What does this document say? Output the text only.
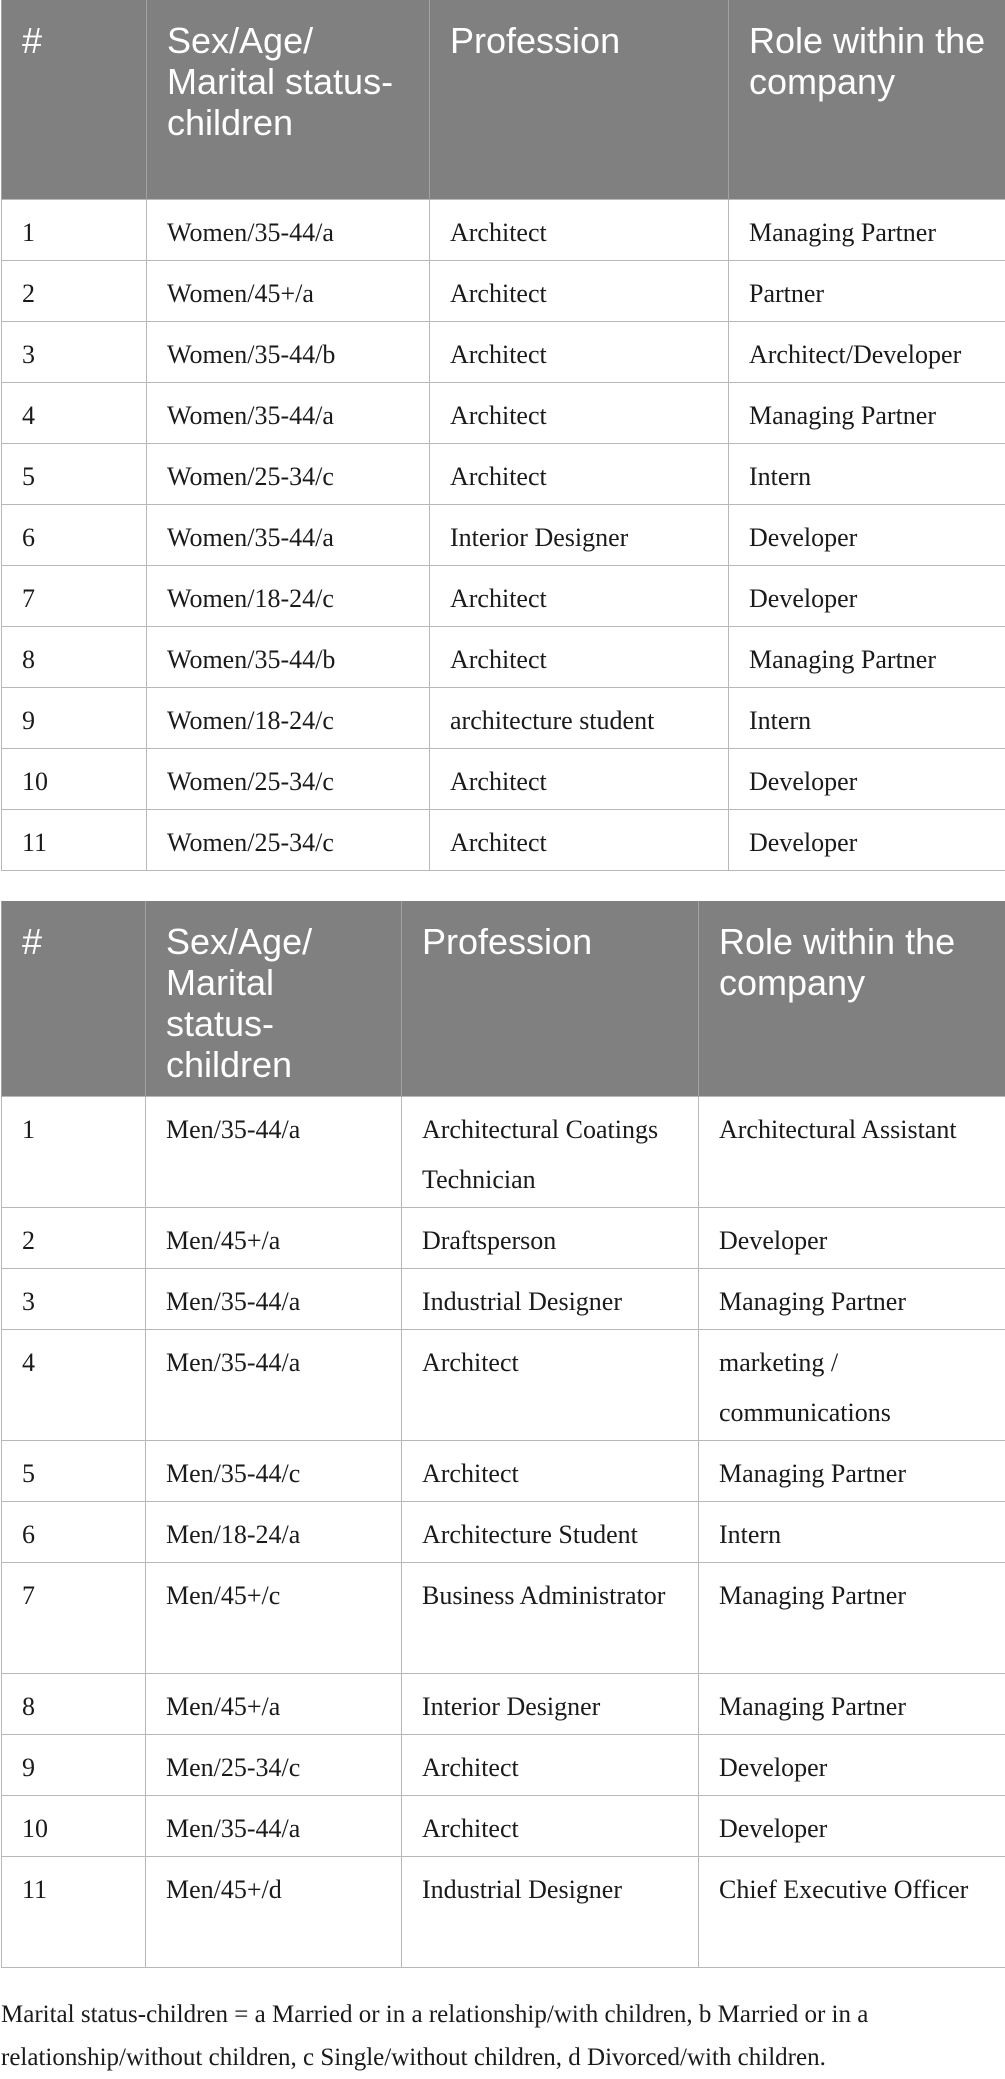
#	Sex/Age/ Marital status-children	Profession	Role within the company
1	Women/35-44/a	Architect	Managing Partner
2	Women/45+/a	Architect	Partner
3	Women/35-44/b	Architect	Architect/Developer
4	Women/35-44/a	Architect	Managing Partner
5	Women/25-34/c	Architect	Intern
6	Women/35-44/a	Interior Designer	Developer
7	Women/18-24/c	Architect	Developer
8	Women/35-44/b	Architect	Managing Partner
9	Women/18-24/c	architecture student	Intern
10	Women/25-34/c	Architect	Developer
11	Women/25-34/c	Architect	Developer
#	Sex/Age/ Marital status-children	Profession	Role within the company
1	Men/35-44/a	Architectural Coatings Technician	Architectural Assistant
2	Men/45+/a	Draftsperson	Developer
3	Men/35-44/a	Industrial Designer	Managing Partner
4	Men/35-44/a	Architect	marketing / communications
5	Men/35-44/c	Architect	Managing Partner
6	Men/18-24/a	Architecture Student	Intern
7	Men/45+/c	Business Administrator	Managing Partner
8	Men/45+/a	Interior Designer	Managing Partner
9	Men/25-34/c	Architect	Developer
10	Men/35-44/a	Architect	Developer
11	Men/45+/d	Industrial Designer	Chief Executive Officer

Marital status-children = a Married or in a relationship/with children, b Married or in a relationship/without children, c Single/without children, d Divorced/with children.
